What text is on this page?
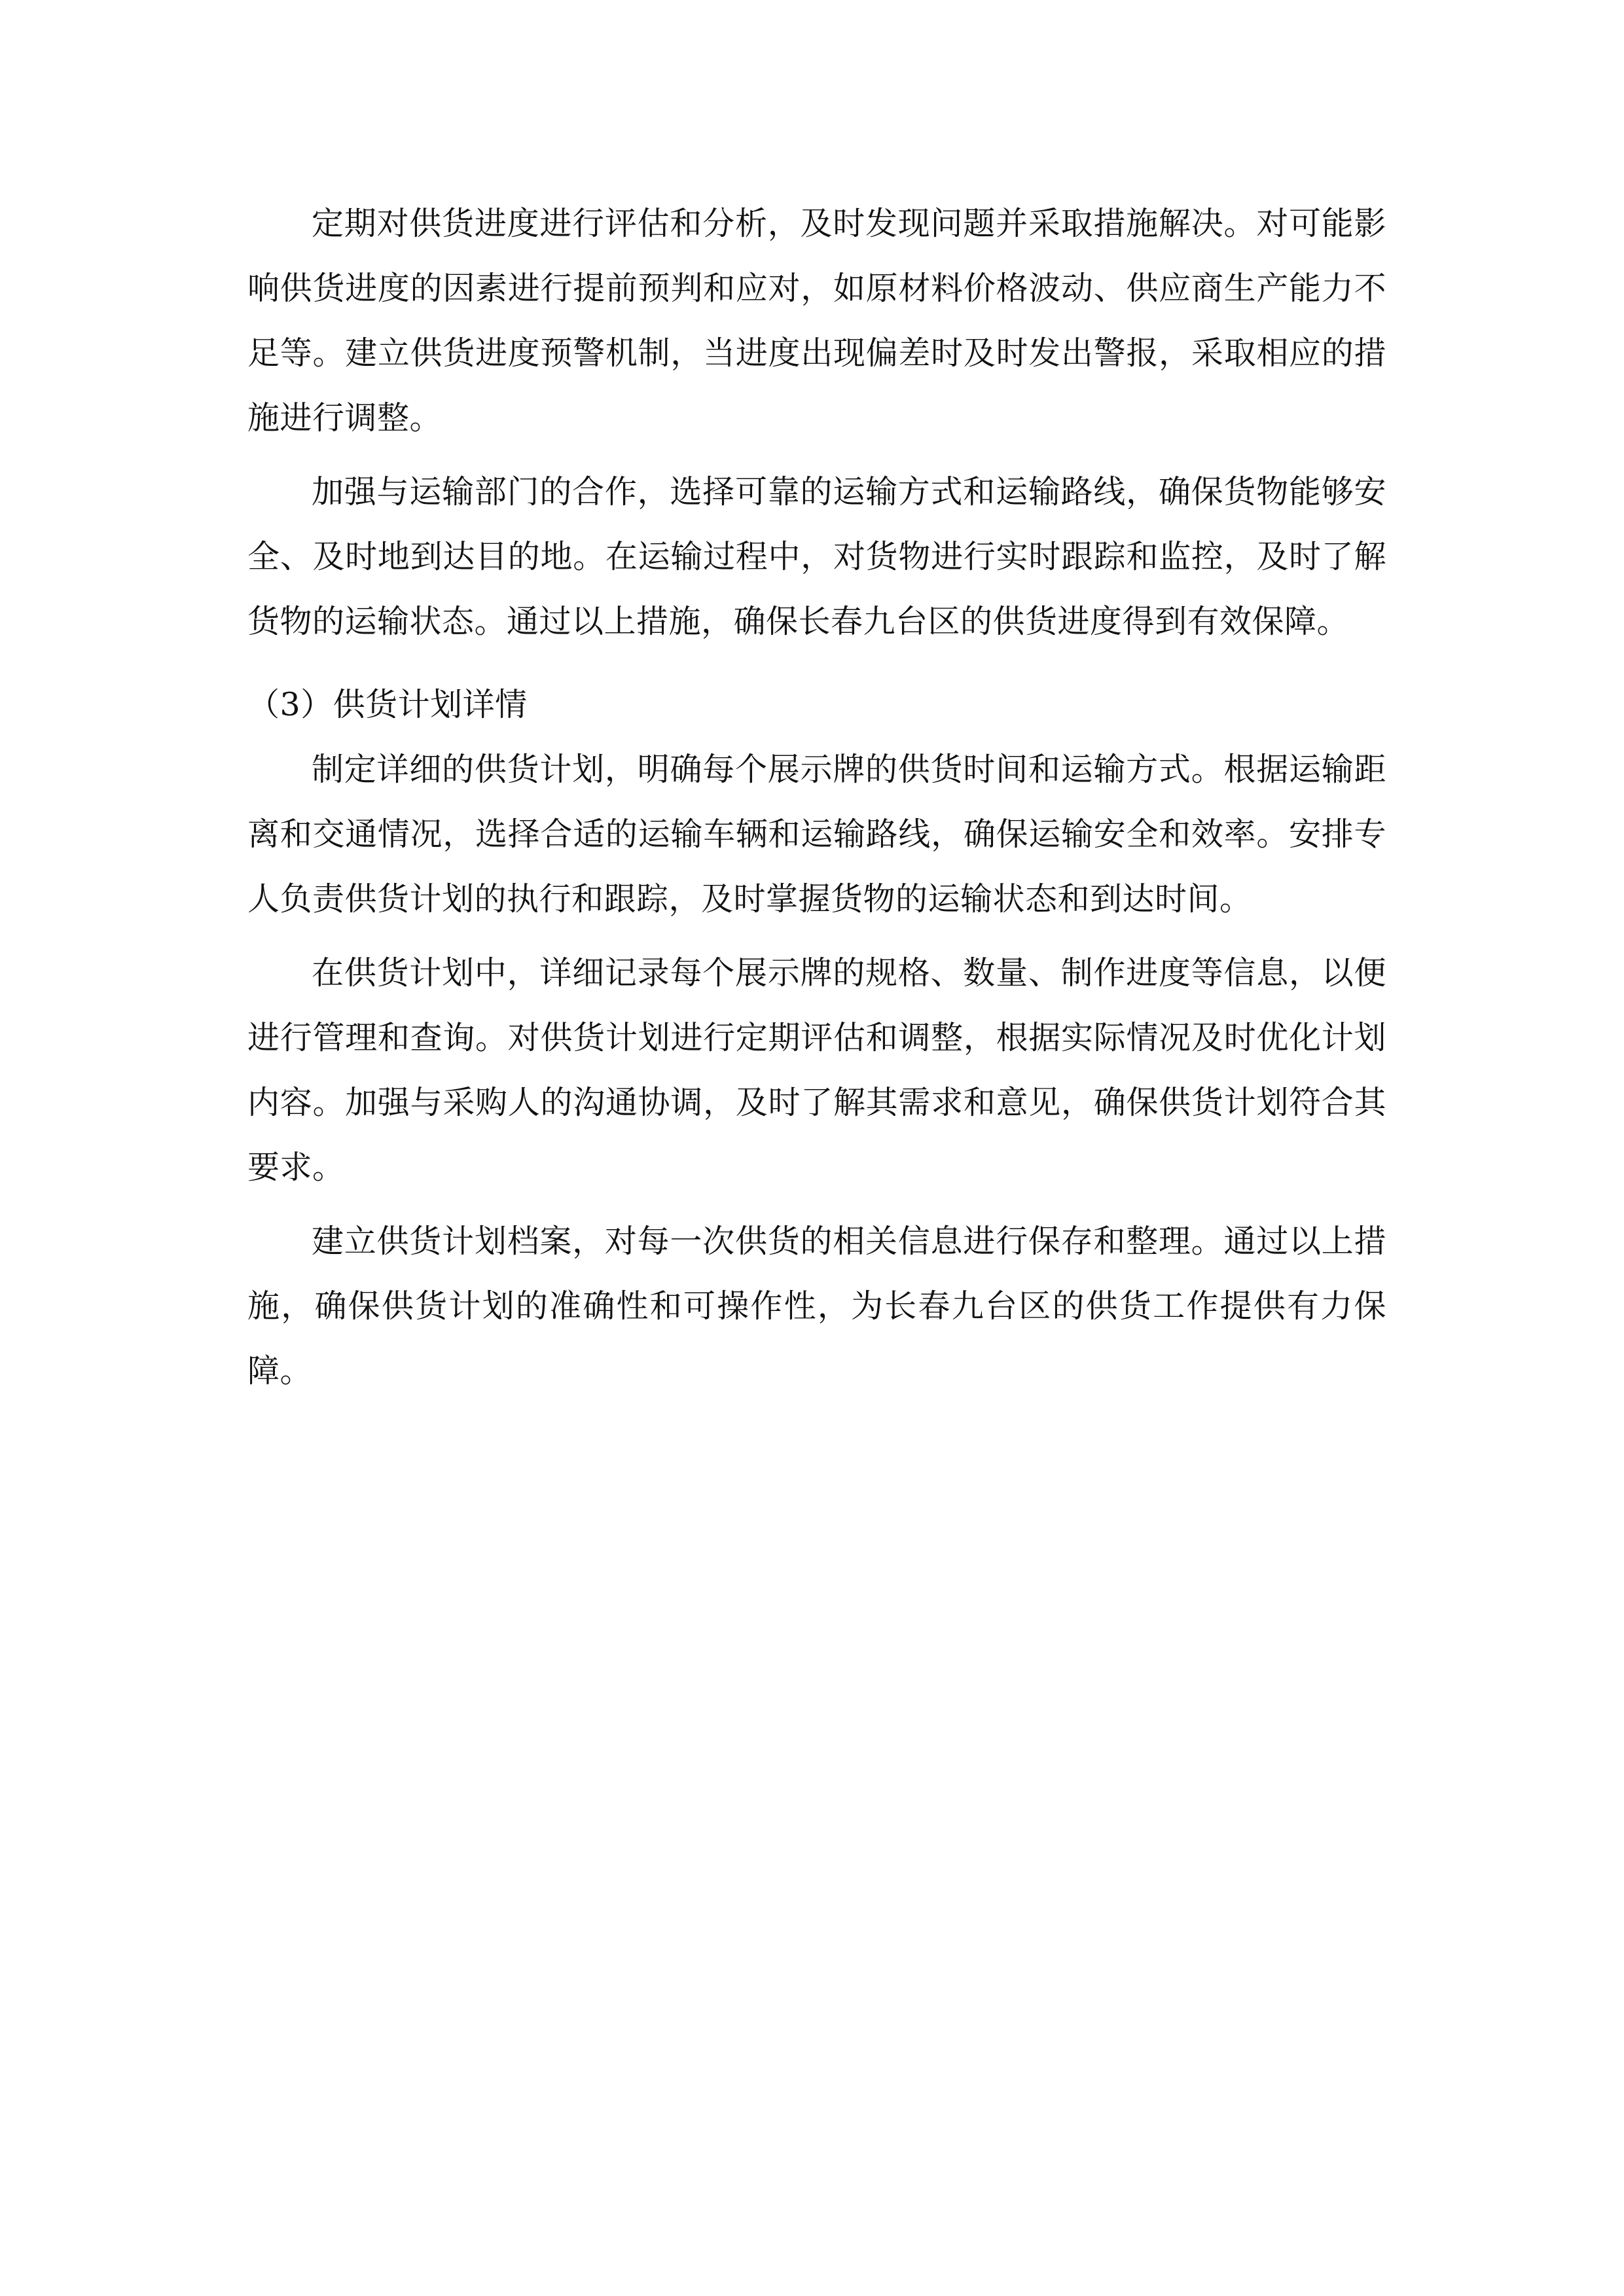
定期对供货进度进行评估和分析，及时发现问题并采取措施解决。对可能影响供货进度的因素进行提前预判和应对，如原材料价格波动、供应商生产能力不足等。建立供货进度预警机制，当进度出现偏差时及时发出警报，采取相应的措施进行调整。

加强与运输部门的合作，选择可靠的运输方式和运输路线，确保货物能够安全、及时地到达目的地。在运输过程中，对货物进行实时跟踪和监控，及时了解货物的运输状态。通过以上措施，确保长春九台区的供货进度得到有效保障。

（3）供货计划详情

制定详细的供货计划，明确每个展示牌的供货时间和运输方式。根据运输距离和交通情况，选择合适的运输车辆和运输路线，确保运输安全和效率。安排专人负责供货计划的执行和跟踪，及时掌握货物的运输状态和到达时间。

在供货计划中，详细记录每个展示牌的规格、数量、制作进度等信息，以便进行管理和查询。对供货计划进行定期评估和调整，根据实际情况及时优化计划内容。加强与采购人的沟通协调，及时了解其需求和意见，确保供货计划符合其要求。

建立供货计划档案，对每一次供货的相关信息进行保存和整理。通过以上措施，确保供货计划的准确性和可操作性，为长春九台区的供货工作提供有力保障。
